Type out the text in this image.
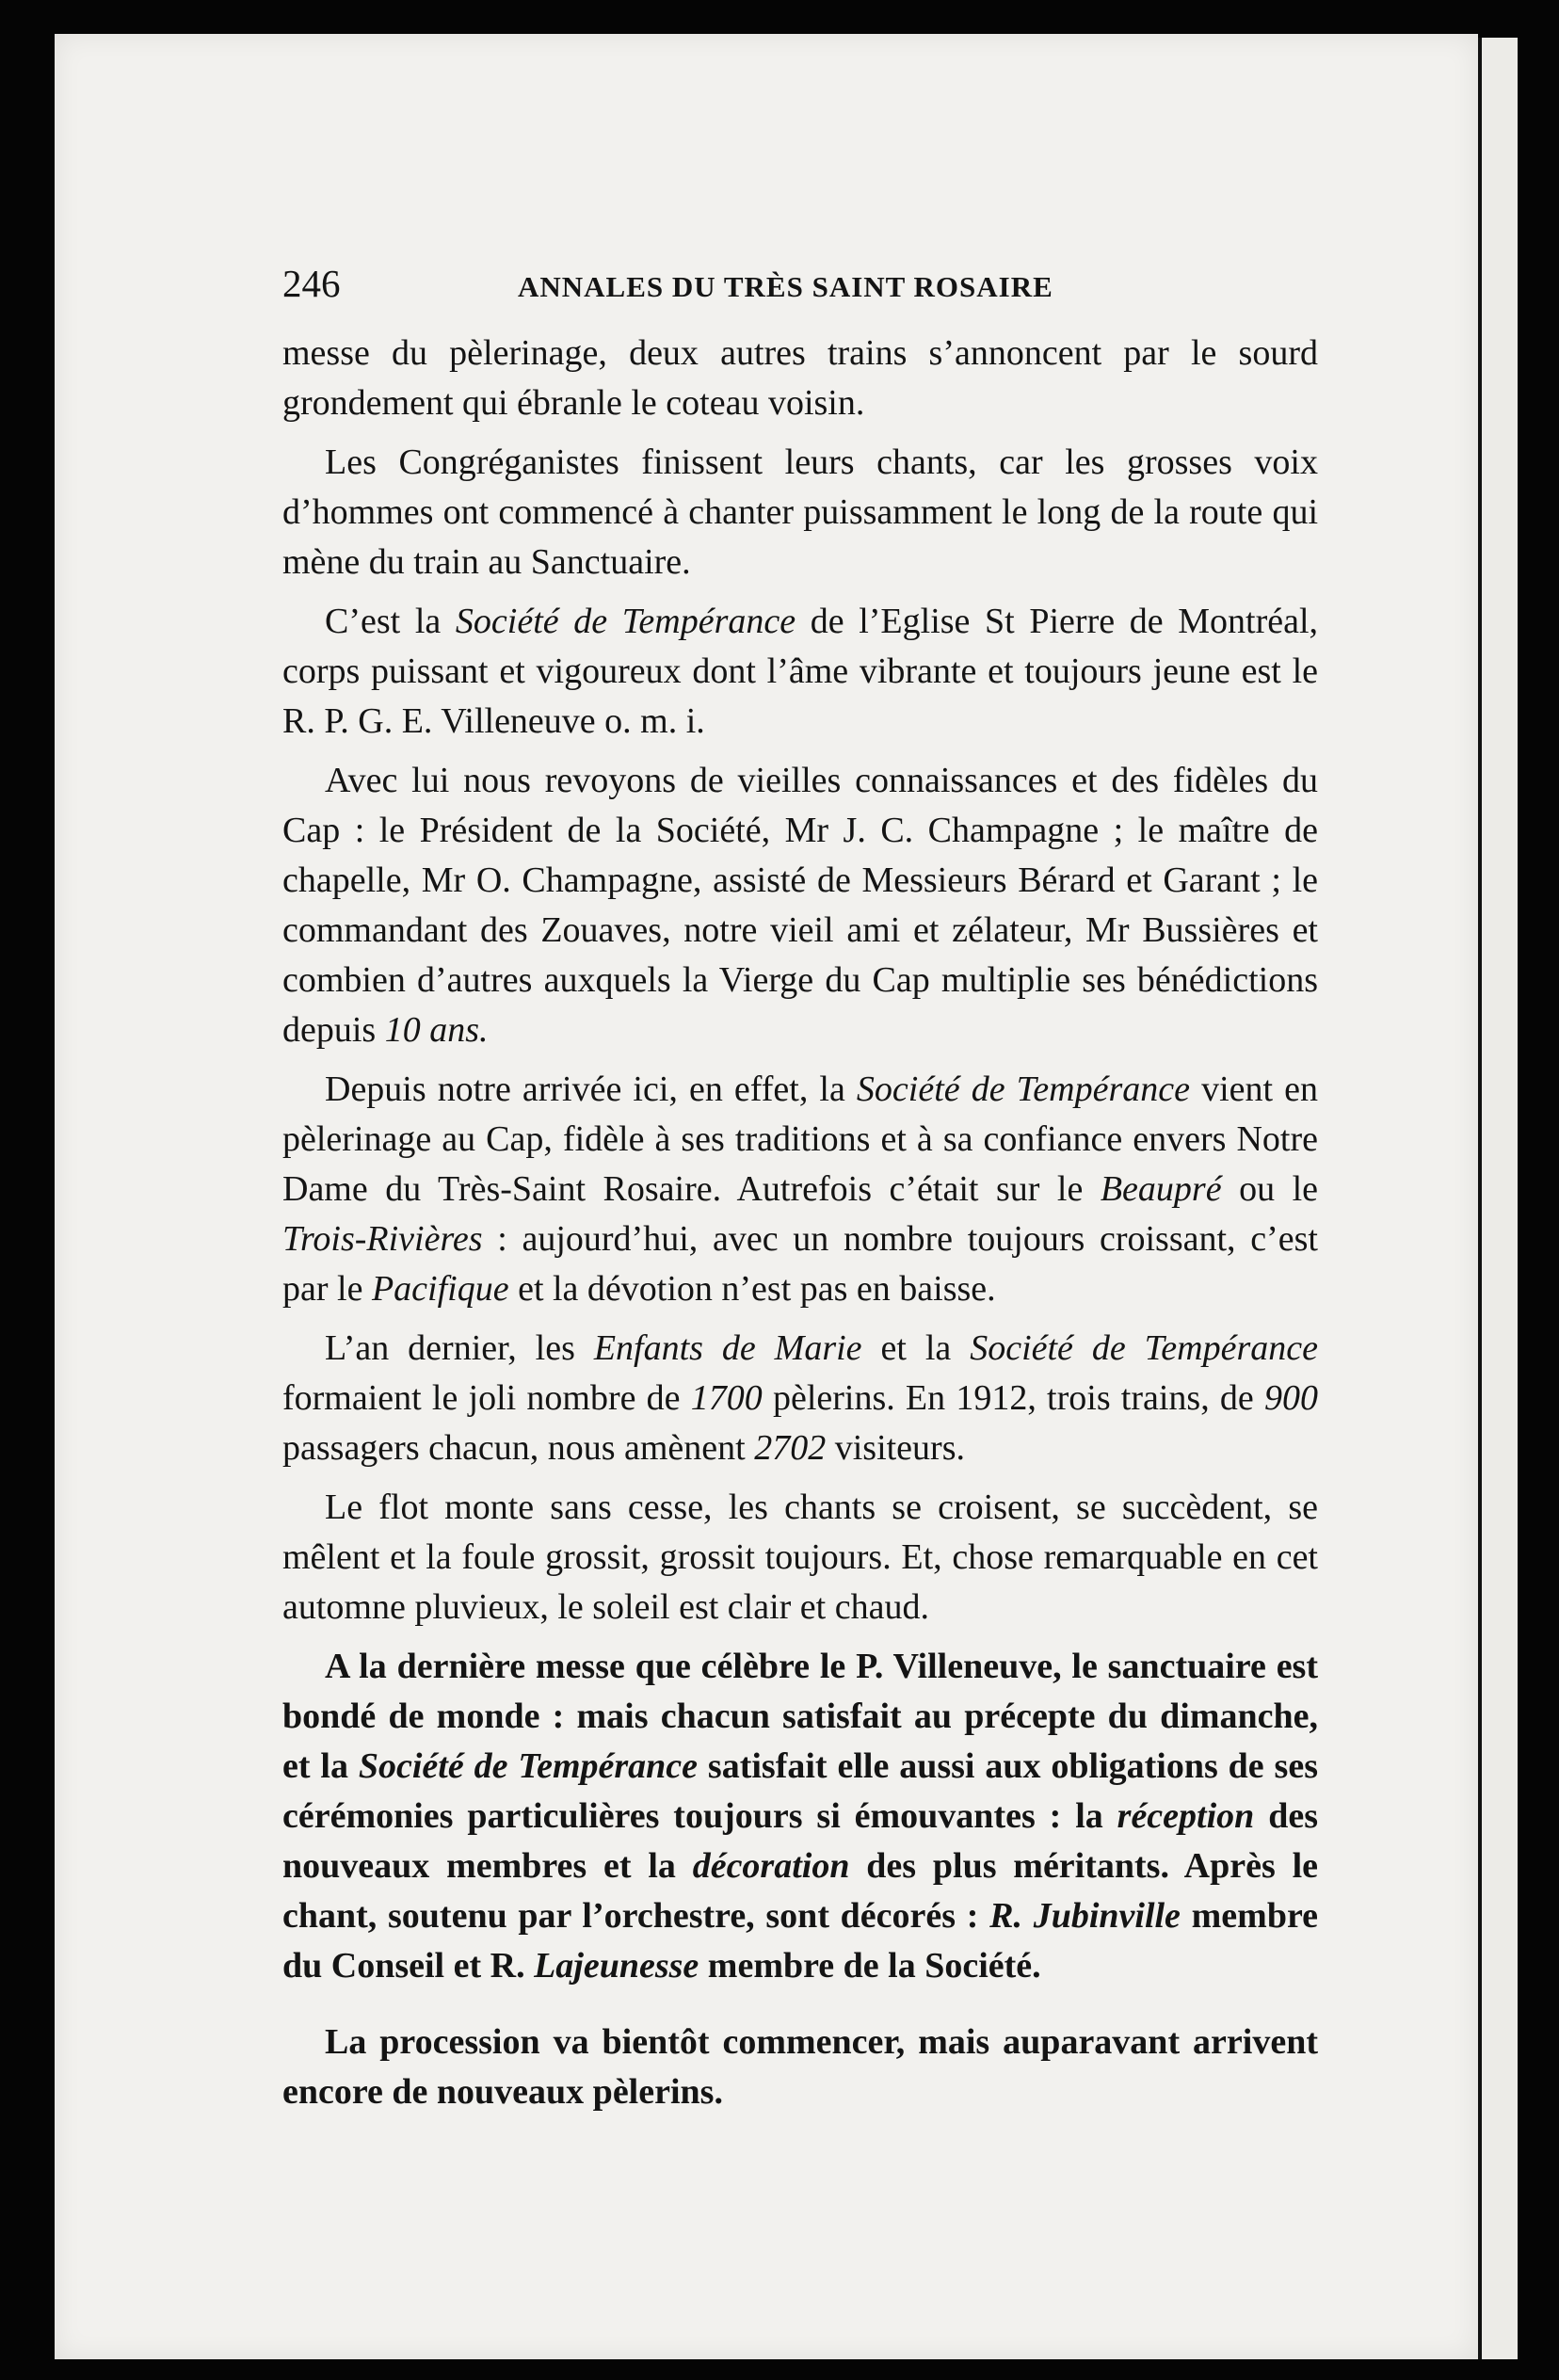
246	ANNALES DU TRÈS SAINT ROSAIRE

messe du pèlerinage, deux autres trains s’annoncent par le sourd grondement qui ébranle le coteau voisin.

Les Congréganistes finissent leurs chants, car les grosses voix d’hommes ont commencé à chanter puissamment le long de la route qui mène du train au Sanctuaire.

C’est la Société de Tempérance de l’Eglise St Pierre de Montréal, corps puissant et vigoureux dont l’âme vibrante et toujours jeune est le R. P. G. E. Villeneuve o. m. i.

Avec lui nous revoyons de vieilles connaissances et des fidèles du Cap : le Président de la Société, Mr J. C. Champagne ; le maître de chapelle, Mr O. Champagne, assisté de Messieurs Bérard et Garant ; le commandant des Zouaves, notre vieil ami et zélateur, Mr Bussières et combien d’autres auxquels la Vierge du Cap multiplie ses bénédictions depuis 10 ans.

Depuis notre arrivée ici, en effet, la Société de Tempérance vient en pèlerinage au Cap, fidèle à ses traditions et à sa confiance envers Notre Dame du Très-Saint Rosaire. Autrefois c’était sur le Beaupré ou le Trois-Rivières : aujourd’hui, avec un nombre toujours croissant, c’est par le Pacifique et la dévotion n’est pas en baisse.

L’an dernier, les Enfants de Marie et la Société de Tempérance formaient le joli nombre de 1700 pèlerins. En 1912, trois trains, de 900 passagers chacun, nous amènent 2702 visiteurs.

Le flot monte sans cesse, les chants se croisent, se succèdent, se mêlent et la foule grossit, grossit toujours. Et, chose remarquable en cet automne pluvieux, le soleil est clair et chaud.

A la dernière messe que célèbre le P. Villeneuve, le sanctuaire est bondé de monde : mais chacun satisfait au précepte du dimanche, et la Société de Tempérance satisfait elle aussi aux obligations de ses cérémonies particulières toujours si émouvantes : la réception des nouveaux membres et la décoration des plus méritants. Après le chant, soutenu par l’orchestre, sont décorés : R. Jubinville membre du Conseil et R. Lajeunesse membre de la Société.

La procession va bientôt commencer, mais auparavant arrivent encore de nouveaux pèlerins.
